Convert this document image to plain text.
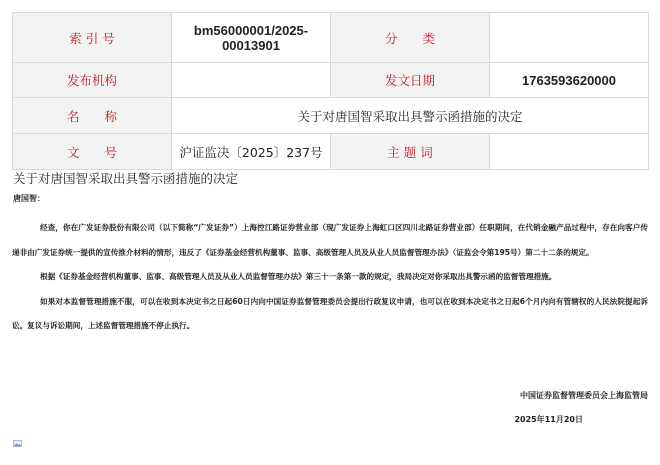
索 引 号	bm56000001/2025-00013901	分　　类	
发布机构		发文日期	1763593620000
名　　称	关于对唐国智采取出具警示函措施的决定		
文　　号	沪证监决〔2025〕237号	主 题 词	
关于对唐国智采取出具警示函措施的决定
唐国智：

经查，你在广发证券股份有限公司（以下简称“广发证券”）上海控江路证券营业部（现广发证券上海虹口区四川北路证券营业部）任职期间，在代销金融产品过程中，存在向客户传递非由广发证券统一提供的宣传推介材料的情形，违反了《证券基金经营机构董事、监事、高级管理人员及从业人员监督管理办法》（证监会令第195号）第二十二条的规定。

根据《证券基金经营机构董事、监事、高级管理人员及从业人员监督管理办法》第三十一条第一款的规定，我局决定对你采取出具警示函的监督管理措施。

如果对本监督管理措施不服，可以在收到本决定书之日起60日内向中国证券监督管理委员会提出行政复议申请，也可以在收到本决定书之日起6个月内向有管辖权的人民法院提起诉讼。复议与诉讼期间，上述监督管理措施不停止执行。

中国证券监督管理委员会上海监管局
2025年11月20日
